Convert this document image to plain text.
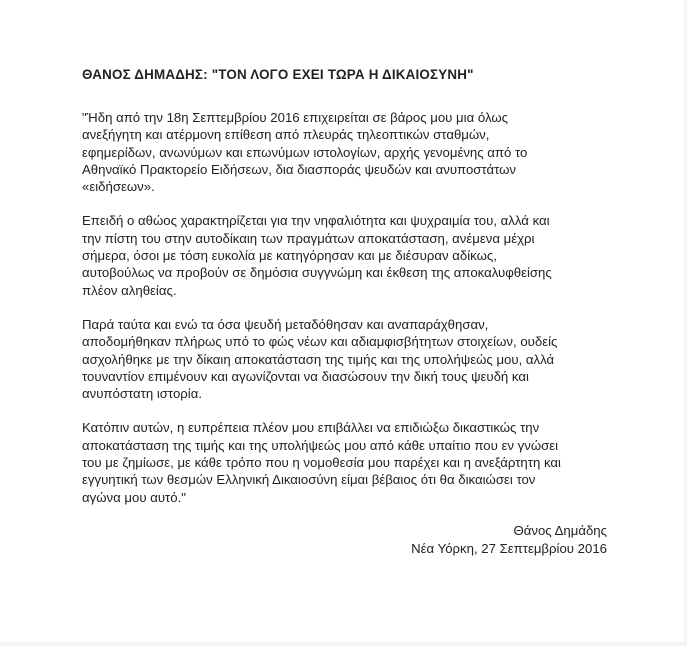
ΘΑΝΟΣ ΔΗΜΑΔΗΣ: "ΤΟΝ ΛΟΓΟ ΕΧΕΙ ΤΩΡΑ Η ΔΙΚΑΙΟΣΥΝΗ"

"Ήδη από την 18η Σεπτεμβρίου 2016 επιχειρείται σε βάρος μου μια όλως
ανεξήγητη και ατέρμονη επίθεση από πλευράς τηλεοπτικών σταθμών,
εφημερίδων, ανωνύμων και επωνύμων ιστολογίων, αρχής γενομένης από το
Αθηναϊκό Πρακτορείο Ειδήσεων, δια διασποράς ψευδών και ανυποστάτων
«ειδήσεων».

Επειδή ο αθώος χαρακτηρίζεται για την νηφαλιότητα και ψυχραιμία του, αλλά και
την πίστη του στην αυτοδίκαιη των πραγμάτων αποκατάσταση, ανέμενα μέχρι
σήμερα, όσοι με τόση ευκολία με κατηγόρησαν και με διέσυραν αδίκως,
αυτοβούλως να προβούν σε δημόσια συγγνώμη και έκθεση της αποκαλυφθείσης
πλέον αληθείας.

Παρά ταύτα και ενώ τα όσα ψευδή μεταδόθησαν και αναπαράχθησαν,
αποδομήθηκαν πλήρως υπό το φώς νέων και αδιαμφισβήτητων στοιχείων, ουδείς
ασχολήθηκε με την δίκαιη αποκατάσταση της τιμής και της υπολήψεώς μου, αλλά
τουναντίον επιμένουν και αγωνίζονται να διασώσουν την δική τους ψευδή και
ανυπόστατη ιστορία.

Κατόπιν αυτών, η ευπρέπεια πλέον μου επιβάλλει να επιδιώξω δικαστικώς την
αποκατάσταση της τιμής και της υπολήψεώς μου από κάθε υπαίτιο που εν γνώσει
του με ζημίωσε, με κάθε τρόπο που η νομοθεσία μου παρέχει και η ανεξάρτητη και
εγγυητική των θεσμών Ελληνική Δικαιοσύνη είμαι βέβαιος ότι θα δικαιώσει τον
αγώνα μου αυτό."

Θάνος Δημάδης
Νέα Υόρκη, 27 Σεπτεμβρίου 2016
